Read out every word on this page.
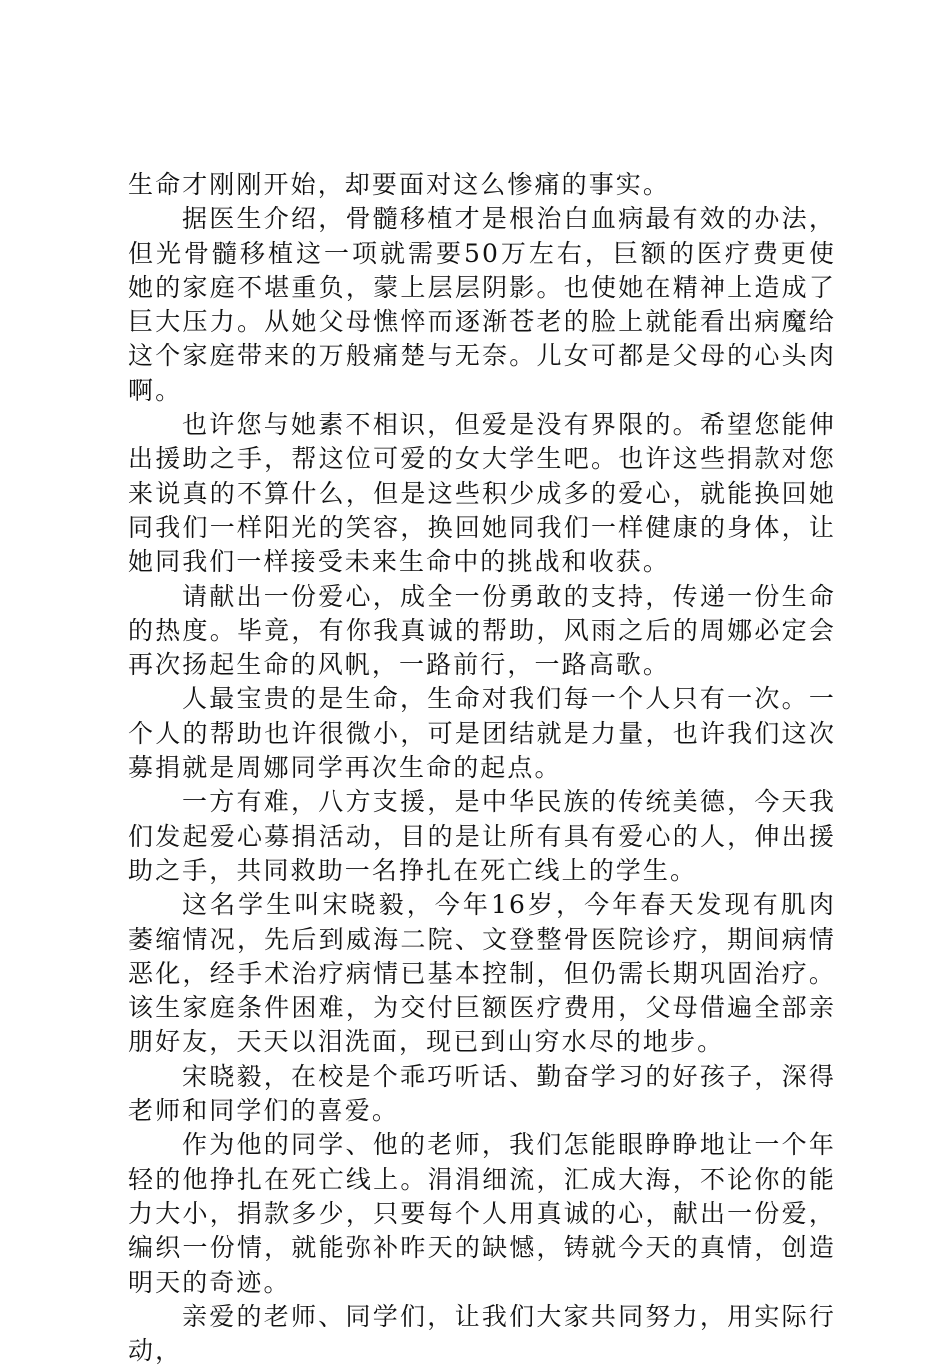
生命才刚刚开始，却要面对这么惨痛的事实。

据医生介绍，骨髓移植才是根治白血病最有效的办法，但光骨髓移植这一项就需要50万左右，巨额的医疗费更使她的家庭不堪重负，蒙上层层阴影。也使她在精神上造成了巨大压力。从她父母憔悴而逐渐苍老的脸上就能看出病魔给这个家庭带来的万般痛楚与无奈。儿女可都是父母的心头肉啊。

也许您与她素不相识，但爱是没有界限的。希望您能伸出援助之手，帮这位可爱的女大学生吧。也许这些捐款对您来说真的不算什么，但是这些积少成多的爱心，就能换回她同我们一样阳光的笑容，换回她同我们一样健康的身体，让她同我们一样接受未来生命中的挑战和收获。

请献出一份爱心，成全一份勇敢的支持，传递一份生命的热度。毕竟，有你我真诚的帮助，风雨之后的周娜必定会再次扬起生命的风帆，一路前行，一路高歌。

人最宝贵的是生命，生命对我们每一个人只有一次。一个人的帮助也许很微小，可是团结就是力量，也许我们这次募捐就是周娜同学再次生命的起点。

一方有难，八方支援，是中华民族的传统美德，今天我们发起爱心募捐活动，目的是让所有具有爱心的人，伸出援助之手，共同救助一名挣扎在死亡线上的学生。

这名学生叫宋晓毅，今年16岁，今年春天发现有肌肉萎缩情况，先后到威海二院、文登整骨医院诊疗，期间病情恶化，经手术治疗病情已基本控制，但仍需长期巩固治疗。该生家庭条件困难，为交付巨额医疗费用，父母借遍全部亲朋好友，天天以泪洗面，现已到山穷水尽的地步。

宋晓毅，在校是个乖巧听话、勤奋学习的好孩子，深得老师和同学们的喜爱。

作为他的同学、他的老师，我们怎能眼睁睁地让一个年轻的他挣扎在死亡线上。涓涓细流，汇成大海，不论你的能力大小，捐款多少，只要每个人用真诚的心，献出一份爱，编织一份情，就能弥补昨天的缺憾，铸就今天的真情，创造明天的奇迹。

亲爱的老师、同学们，让我们大家共同努力，用实际行动，
